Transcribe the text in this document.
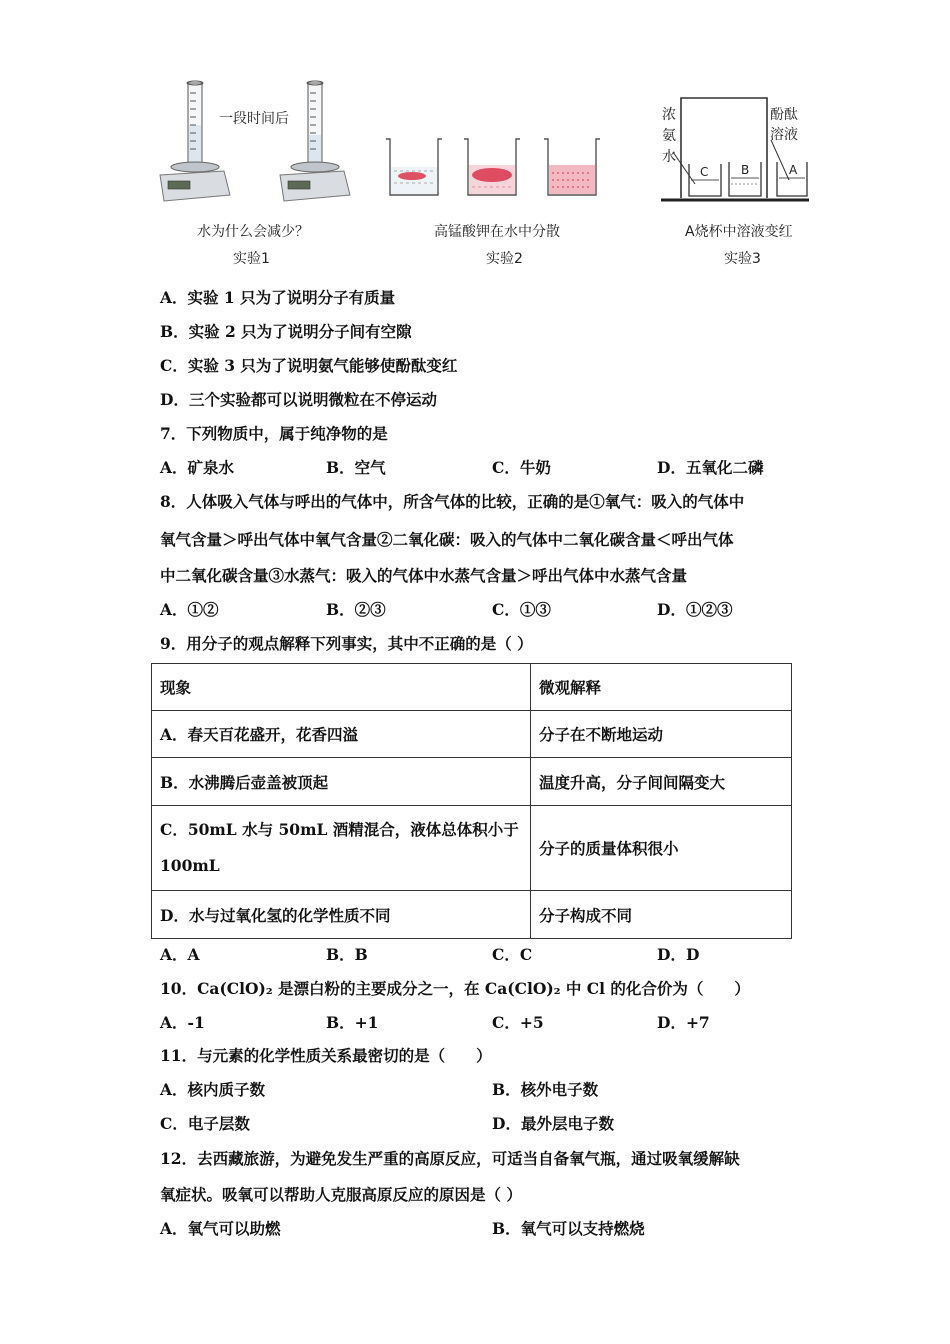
一段时间后
水为什么会减少？
实验1
高锰酸钾在水中分散
实验2
浓
氨
水
酚酞
溶液
C	B	A
A烧杯中溶液变红
实验3
A．实验 1 只为了说明分子有质量
B．实验 2 只为了说明分子间有空隙
C．实验 3 只为了说明氨气能够使酚酞变红
D．三个实验都可以说明微粒在不停运动
7．下列物质中，属于纯净物的是
A．矿泉水	B．空气	C．牛奶	D．五氧化二磷
8．人体吸入气体与呼出的气体中，所含气体的比较，正确的是①氧气：吸入的气体中
氧气含量＞呼出气体中氧气含量②二氧化碳：吸入的气体中二氧化碳含量＜呼出气体
中二氧化碳含量③水蒸气：吸入的气体中水蒸气含量＞呼出气体中水蒸气含量
A．①②	B．②③	C．①③	D．①②③
9．用分子的观点解释下列事实，其中不正确的是（ ）
现象	微观解释
A．春天百花盛开，花香四溢	分子在不断地运动
B．水沸腾后壶盖被顶起	温度升高，分子间间隔变大
C．50mL 水与 50mL 酒精混合，液体总体积小于 100mL	分子的质量体积很小
D．水与过氧化氢的化学性质不同	分子构成不同
A．A	B．B	C．C	D．D
10．Ca(ClO)₂ 是漂白粉的主要成分之一，在 Ca(ClO)₂ 中 Cl 的化合价为（　　）
A．-1	B．+1	C．+5	D．+7
11．与元素的化学性质关系最密切的是（　　）
A．核内质子数	B．核外电子数
C．电子层数	D．最外层电子数
12．去西藏旅游，为避免发生严重的高原反应，可适当自备氧气瓶，通过吸氧缓解缺
氧症状。吸氧可以帮助人克服高原反应的原因是（ ）
A．氧气可以助燃	B．氧气可以支持燃烧
